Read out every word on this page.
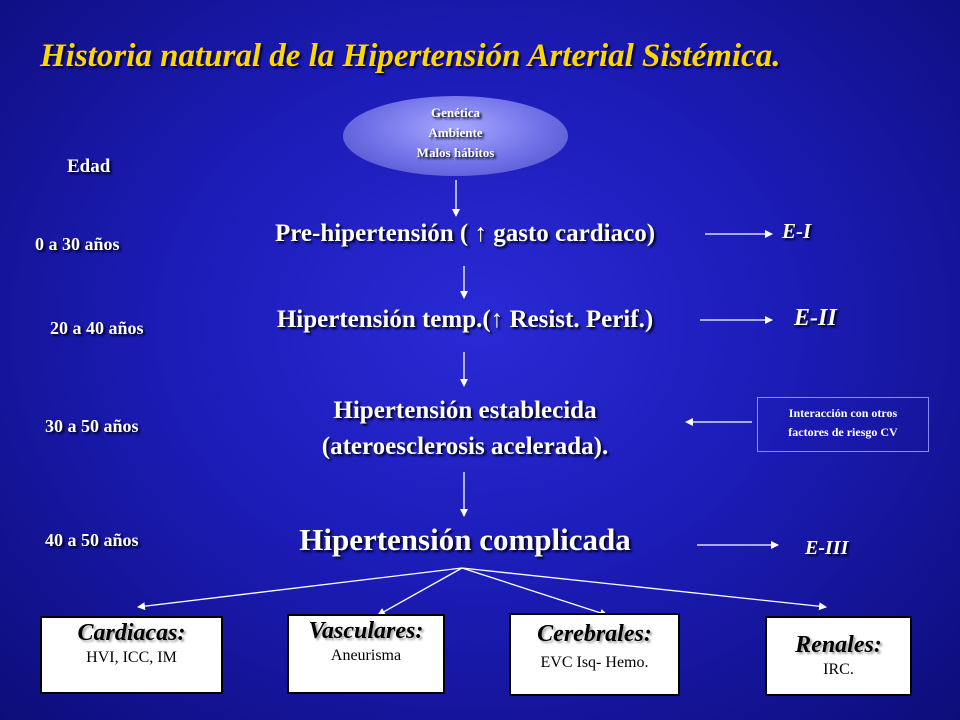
Historia natural de la Hipertensión Arterial Sistémica.
Genética
Ambiente
Malos hábitos
Edad
0 a 30 años
20 a 40 años
30 a 50 años
40 a 50 años
Pre-hipertensión ( ↑ gasto cardiaco)
Hipertensión temp.(↑ Resist. Perif.)
Hipertensión establecida
(ateroesclerosis acelerada).
Hipertensión complicada
E-I
E-II
E-III
Interacción con otros
factores de riesgo CV
Cardiacas:
HVI, ICC, IM
Vasculares:
Aneurisma
Cerebrales:
EVC Isq- Hemo.
Renales:
IRC.
